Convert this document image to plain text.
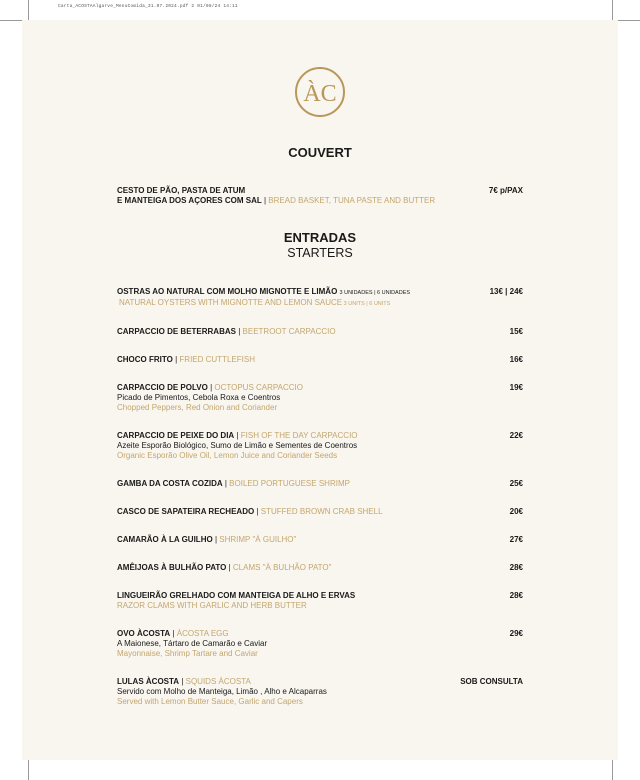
Carta_ACOSTAAlgarve_MenuComida_31.07.2024.pdf 2 01/08/24 14:11
ÀC
COUVERT
CESTO DE PÃO, PASTA DE ATUM
E MANTEIGA DOS AÇORES COM SAL | BREAD BASKET, TUNA PASTE AND BUTTER
7€ p/PAX
ENTRADAS
STARTERS
OSTRAS AO NATURAL COM MOLHO MIGNOTTE E LIMÃO 3 UNIDADES | 6 UNIDADES
NATURAL OYSTERS WITH MIGNOTTE AND LEMON SAUCE 3 UNITS | 6 UNITS
13€ | 24€
CARPACCIO DE BETERRABAS | BEETROOT CARPACCIO	15€
CHOCO FRITO | FRIED CUTTLEFISH	16€
CARPACCIO DE POLVO | OCTOPUS CARPACCIO
Picado de Pimentos, Cebola Roxa e Coentros
Chopped Peppers, Red Onion and Coriander
19€
CARPACCIO DE PEIXE DO DIA | FISH OF THE DAY CARPACCIO
Azeite Esporão Biológico, Sumo de Limão e Sementes de Coentros
Organic Esporão Olive Oil, Lemon Juice and Coriander Seeds
22€
GAMBA DA COSTA COZIDA | BOILED PORTUGUESE SHRIMP	25€
CASCO DE SAPATEIRA RECHEADO | STUFFED BROWN CRAB SHELL	20€
CAMARÃO À LA GUILHO | SHRIMP "À GUILHO"	27€
AMÊIJOAS À BULHÃO PATO | CLAMS "À BULHÃO PATO"	28€
LINGUEIRÃO GRELHADO COM MANTEIGA DE ALHO E ERVAS
RAZOR CLAMS WITH GARLIC AND HERB BUTTER
28€
OVO ÀCOSTA | ÀCOSTA EGG
A Maionese, Tártaro de Camarão e Caviar
Mayonnaise, Shrimp Tartare and Caviar
29€
LULAS ÀCOSTA | SQUIDS ÀCOSTA
Servido com Molho de Manteiga, Limão , Alho e Alcaparras
Served with Lemon Butter Sauce, Garlic and Capers
SOB CONSULTA
